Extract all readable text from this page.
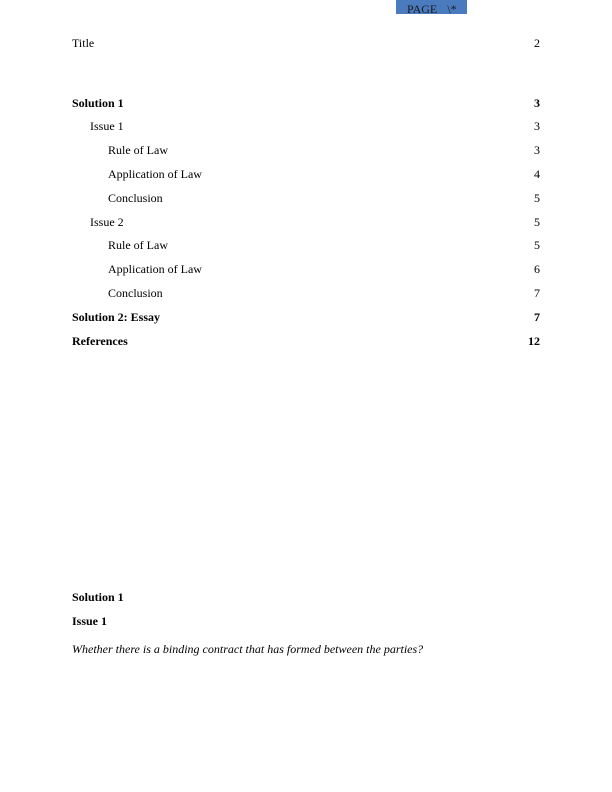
PAGE \*
Title	2
Solution 1	3
Issue 1	3
Rule of Law	3
Application of Law	4
Conclusion	5
Issue 2	5
Rule of Law	5
Application of Law	6
Conclusion	7
Solution 2: Essay	7
References	12
Solution 1
Issue 1
Whether there is a binding contract that has formed between the parties?
